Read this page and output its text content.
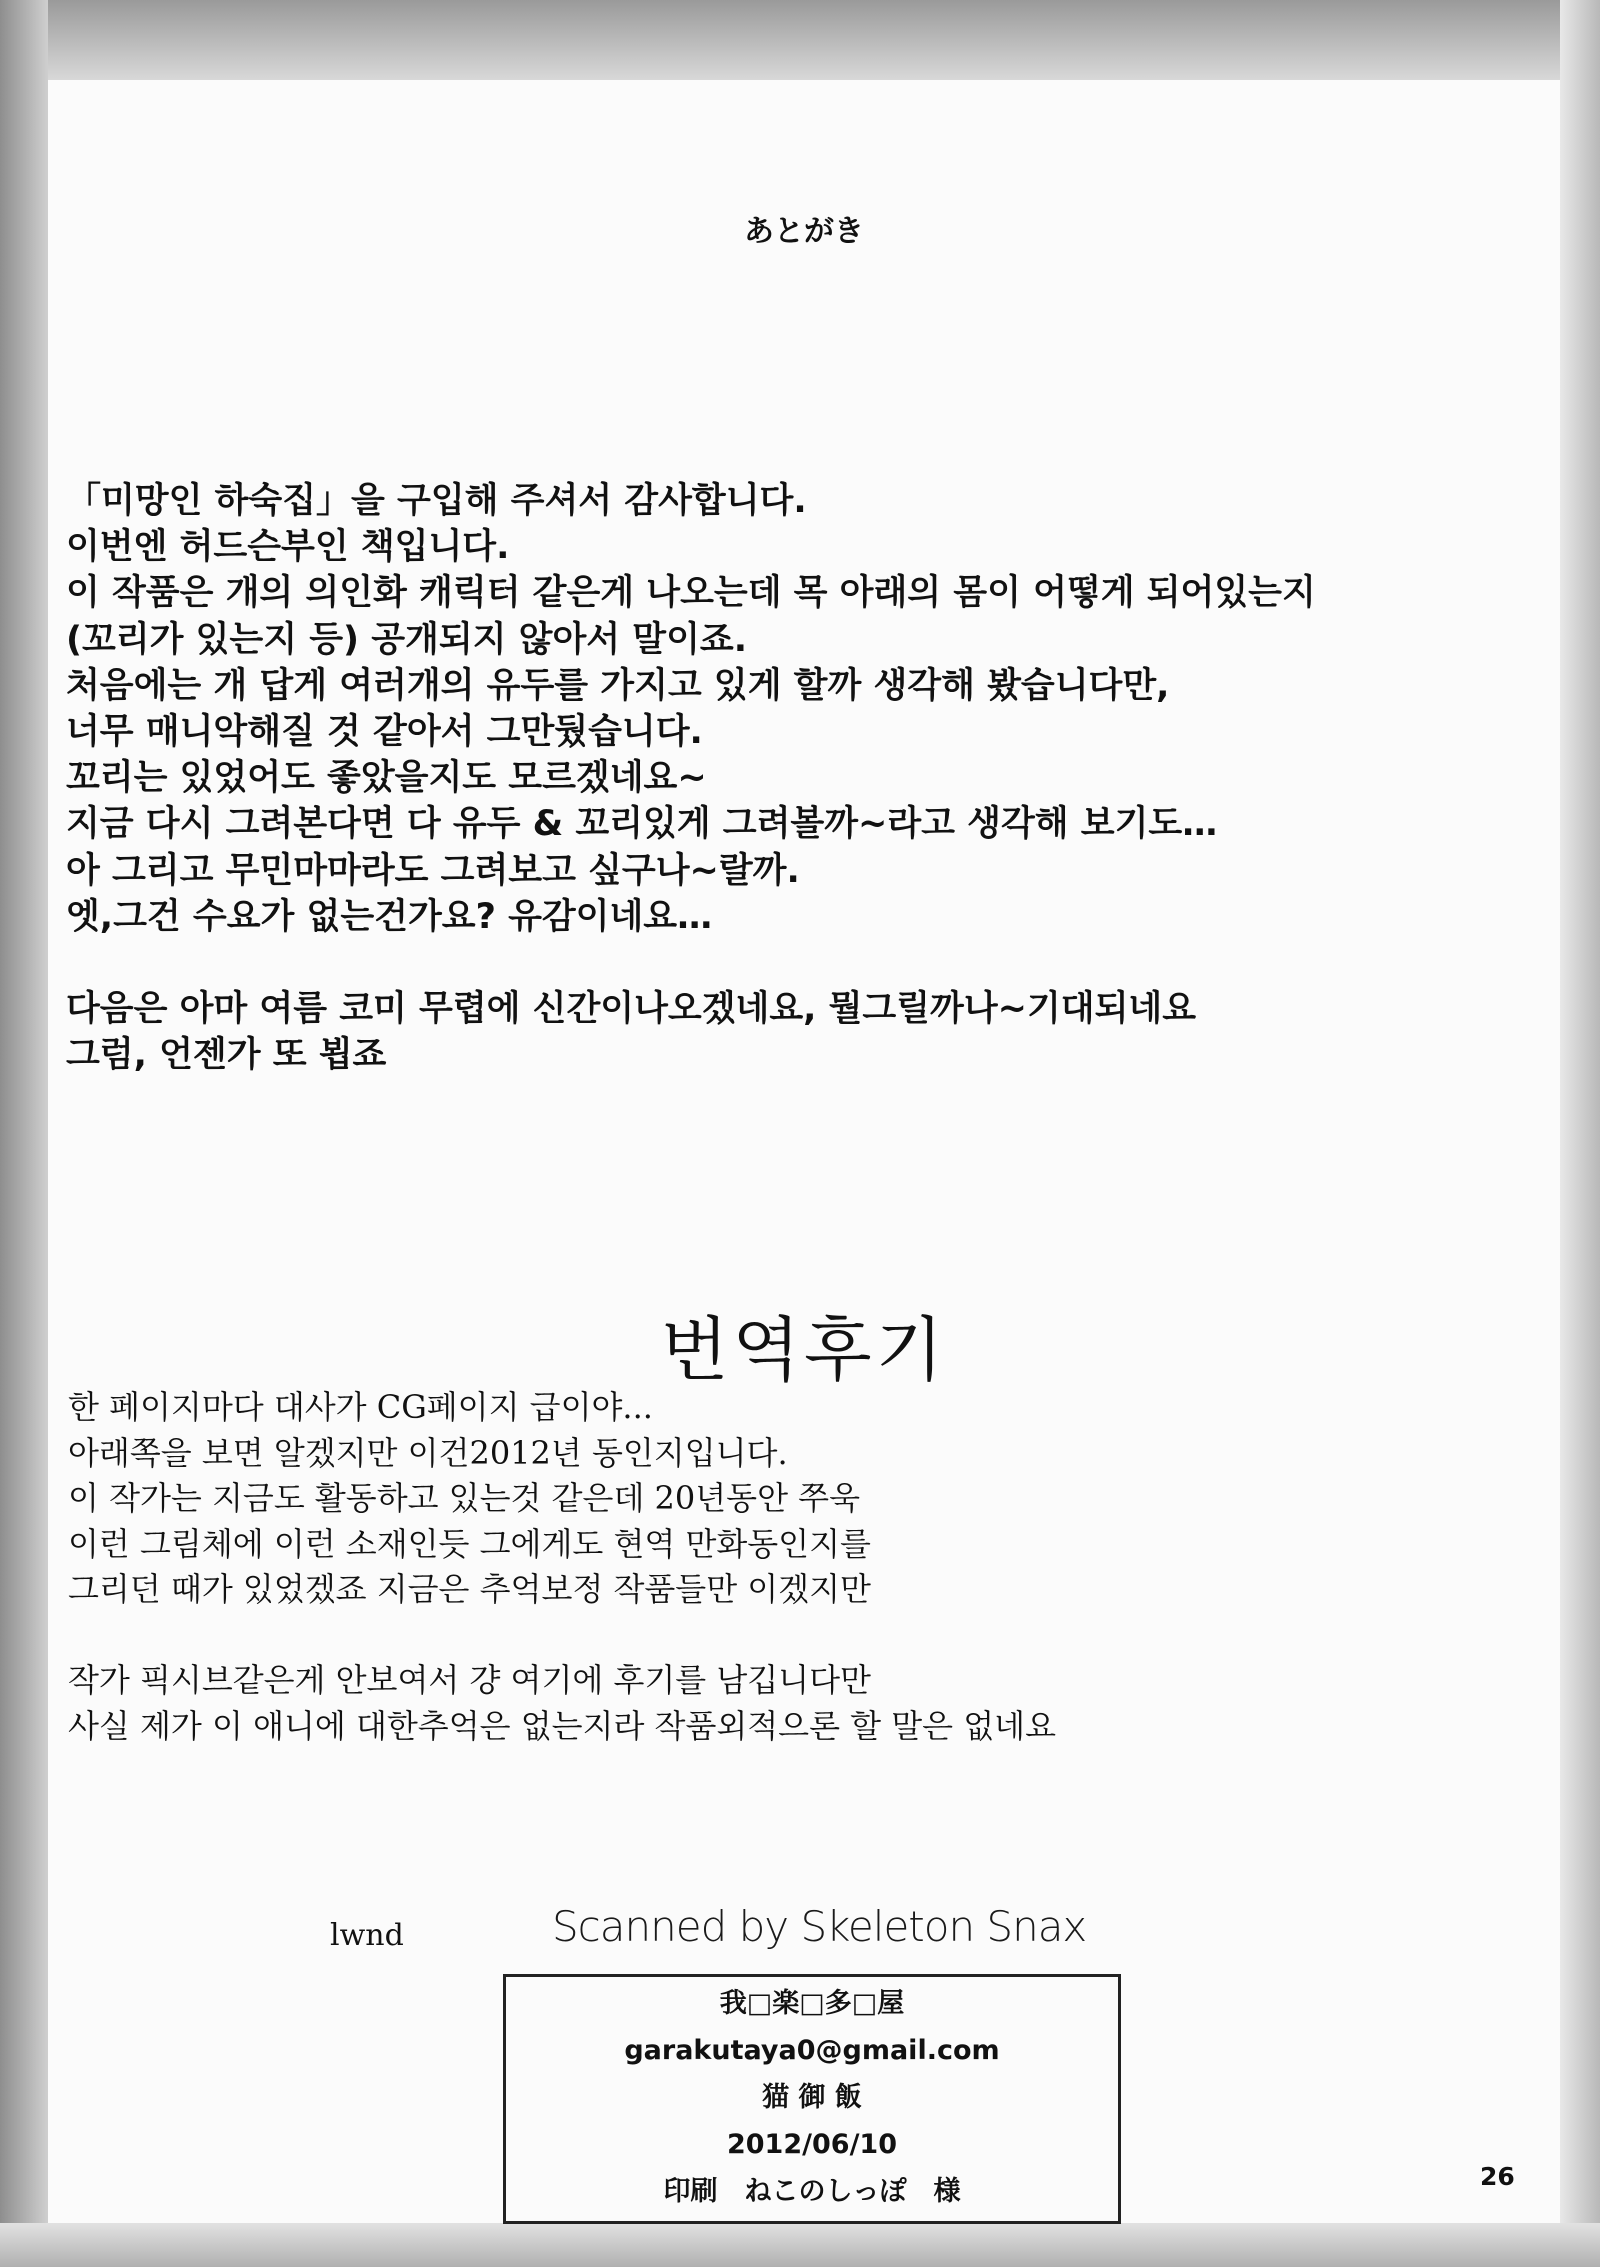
あとがき
「미망인 하숙집」을 구입해 주셔서 감사합니다.
이번엔 허드슨부인 책입니다.
이 작품은 개의 의인화 캐릭터 같은게 나오는데 목 아래의 몸이 어떻게 되어있는지
(꼬리가 있는지 등) 공개되지 않아서 말이죠.
처음에는 개 답게 여러개의 유두를 가지고 있게 할까 생각해 봤습니다만,
너무 매니악해질 것 같아서 그만뒀습니다.
꼬리는 있었어도 좋았을지도 모르겠네요~
지금 다시 그려본다면 다 유두 & 꼬리있게 그려볼까~라고 생각해 보기도…
아 그리고 무민마마라도 그려보고 싶구나~랄까.
엣,그건 수요가 없는건가요? 유감이네요…
다음은 아마 여름 코미 무렵에 신간이나오겠네요, 뭘그릴까나~기대되네요
그럼, 언젠가 또 뵙죠
번역후기
한 페이지마다 대사가 CG페이지 급이야...
아래쪽을 보면 알겠지만 이건2012년 동인지입니다.
이 작가는 지금도 활동하고 있는것 같은데 20년동안 쭈욱
이런 그림체에 이런 소재인듯 그에게도 현역 만화동인지를
그리던 때가 있었겠죠 지금은 추억보정 작품들만 이겠지만
작가 픽시브같은게 안보여서 걍 여기에 후기를 남깁니다만
사실 제가 이 애니에 대한추억은 없는지라 작품외적으론 할 말은 없네요
lwnd	Scanned by Skeleton Snax
我□楽□多□屋
garakutaya0@gmail.com
猫 御 飯
2012/06/10
印刷　ねこのしっぽ　様	26
